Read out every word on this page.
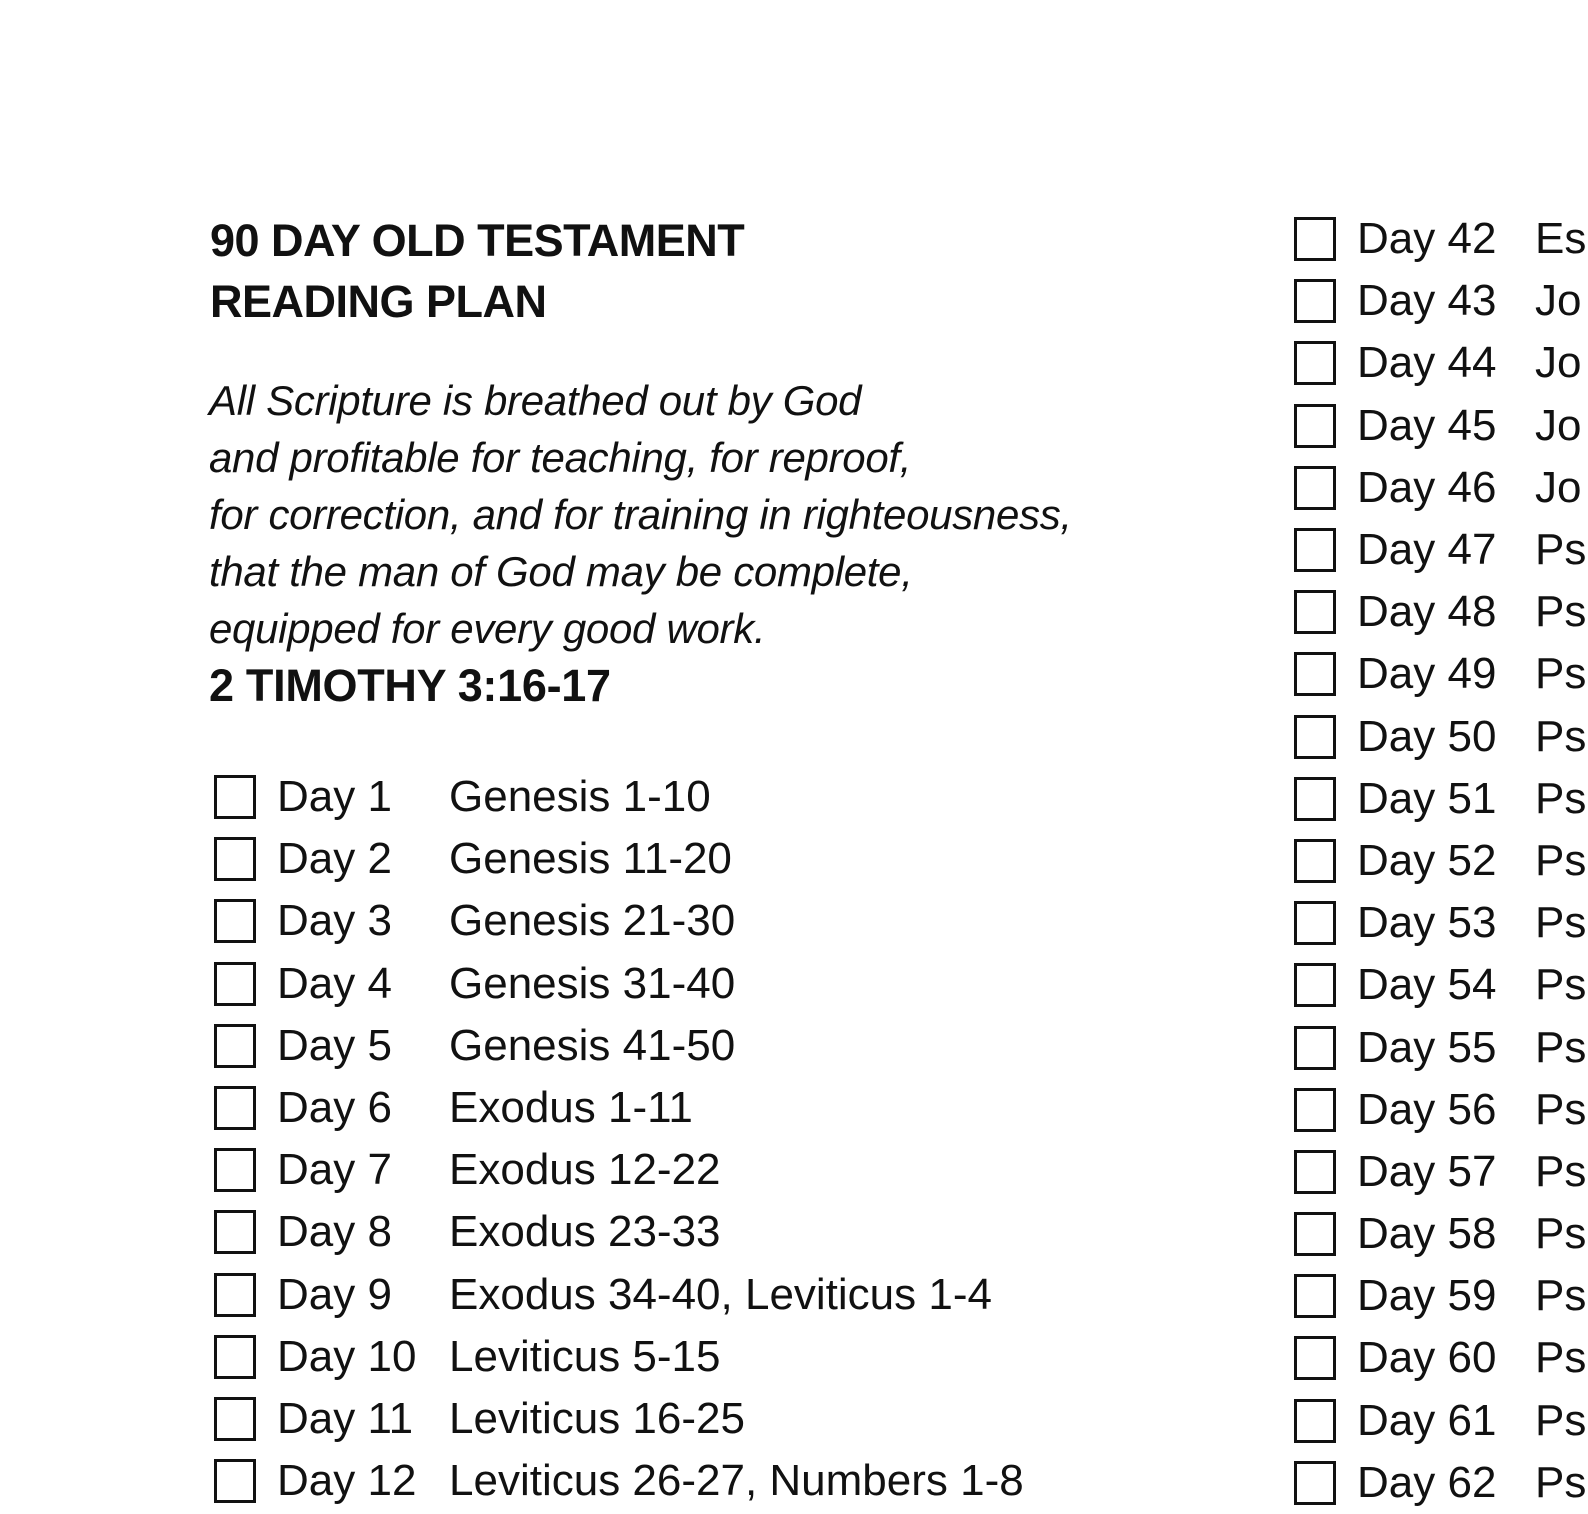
90 DAY OLD TESTAMENT
READING PLAN
All Scripture is breathed out by God
and profitable for teaching, for reproof,
for correction, and for training in righteousness,
that the man of God may be complete,
equipped for every good work.
2 TIMOTHY 3:16-17
Day 1	Genesis 1-10
Day 2	Genesis 11-20
Day 3	Genesis 21-30
Day 4	Genesis 31-40
Day 5	Genesis 41-50
Day 6	Exodus 1-11
Day 7	Exodus 12-22
Day 8	Exodus 23-33
Day 9	Exodus 34-40, Leviticus 1-4
Day 10 Leviticus 5-15
Day 11 Leviticus 16-25
Day 12 Leviticus 26-27, Numbers 1-8
Day 42 Es
Day 43 Jo
Day 44 Jo
Day 45 Jo
Day 46 Jo
Day 47 Ps
Day 48 Ps
Day 49 Ps
Day 50 Ps
Day 51 Ps
Day 52 Ps
Day 53 Ps
Day 54 Ps
Day 55 Ps
Day 56 Ps
Day 57 Ps
Day 58 Ps
Day 59 Ps
Day 60 Ps
Day 61 Ps
Day 62 Ps
